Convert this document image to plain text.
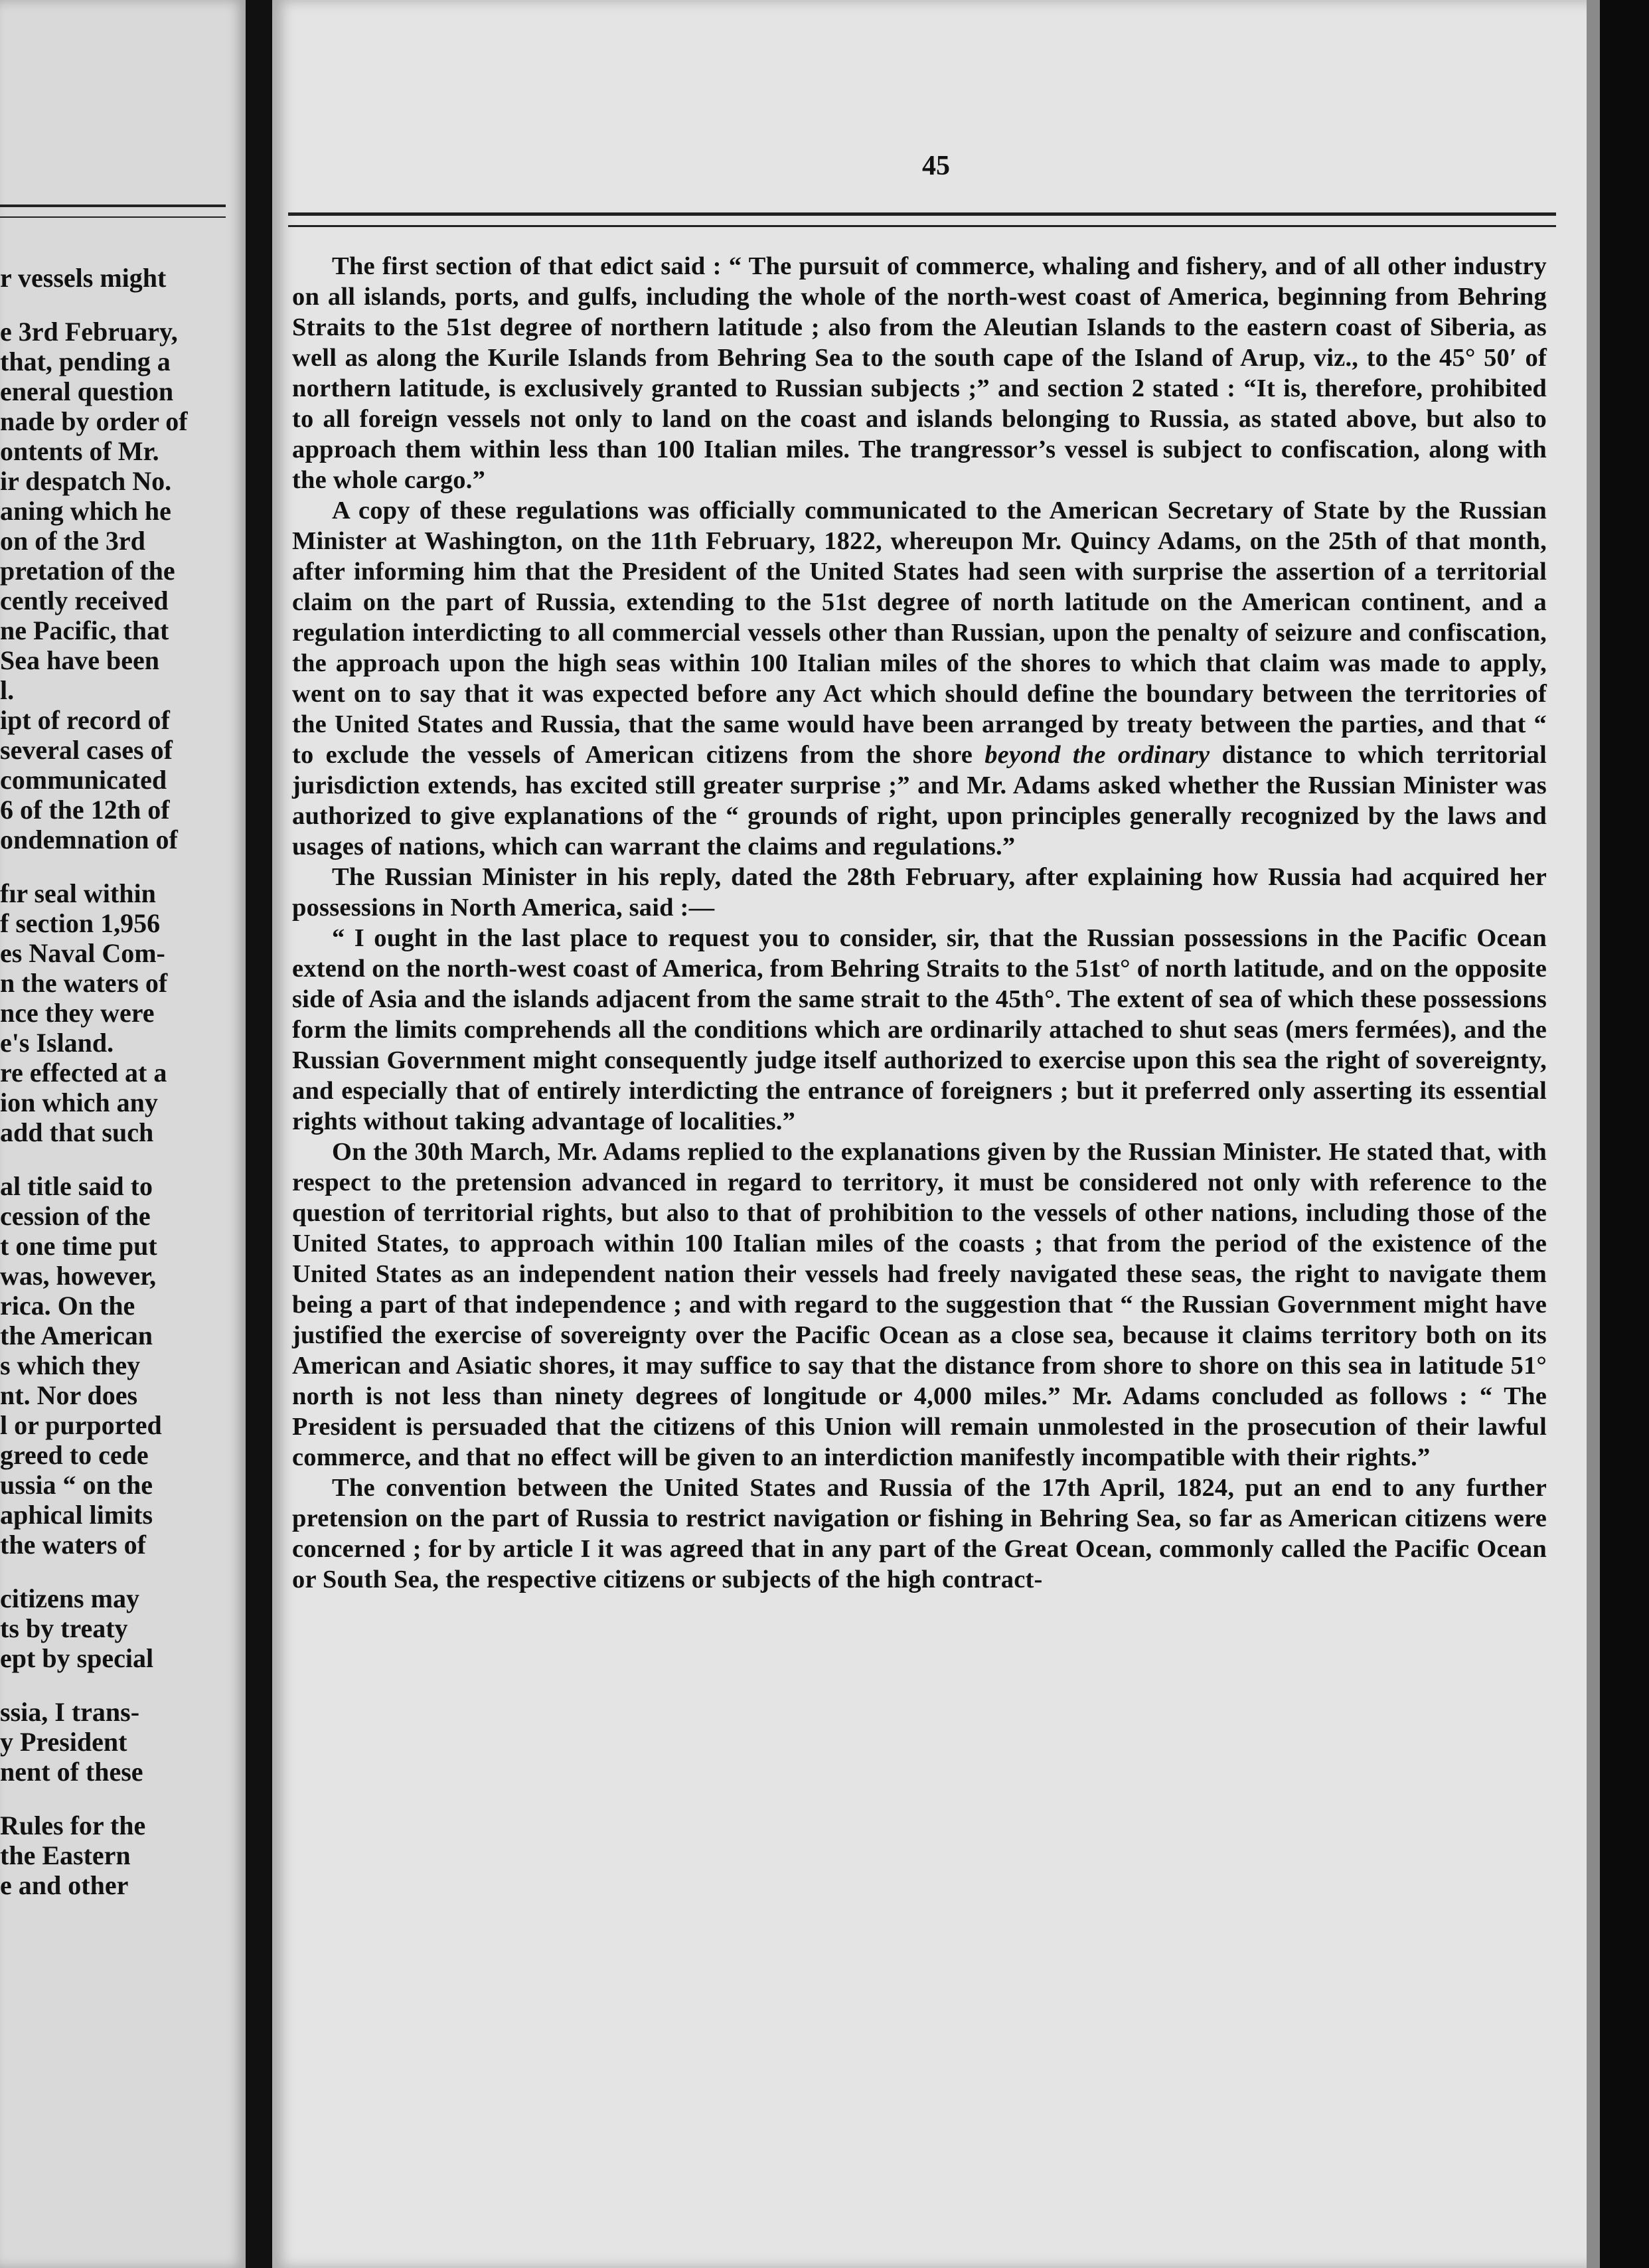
r vessels might
e 3rd February,
that, pending a
eneral question
nade by order of
ontents of Mr.
ir despatch No.
aning which he
on of the 3rd
pretation of the
cently received
ne Pacific, that
Sea have been
l.
ipt of record of
several cases of
communicated
6 of the 12th of
ondemnation of
fır seal within
f section 1,956
es Naval Com-
n the waters of
nce they were
e's Island.
re effected at a
ion which any
add that such
al title said to
cession of the
t one time put
was, however,
rica. On the
the American
s which they
nt. Nor does
l or purported
greed to cede
ussia “ on the
aphical limits
the waters of
citizens may
ts by treaty
ept by special
ssia, I trans-
y President
nent of these
Rules for the
the Eastern
e and other
45

The first section of that edict said : “ The pursuit of commerce, whaling and fishery, and of all other industry on all islands, ports, and gulfs, including the whole of the north-west coast of America, beginning from Behring Straits to the 51st degree of northern latitude ; also from the Aleutian Islands to the eastern coast of Siberia, as well as along the Kurile Islands from Behring Sea to the south cape of the Island of Arup, viz., to the 45° 50′ of northern latitude, is exclusively granted to Russian subjects ;” and section 2 stated : “It is, therefore, prohibited to all foreign vessels not only to land on the coast and islands belonging to Russia, as stated above, but also to approach them within less than 100 Italian miles. The trangressor’s vessel is subject to confiscation, along with the whole cargo.”

A copy of these regulations was officially communicated to the American Secretary of State by the Russian Minister at Washington, on the 11th February, 1822, whereupon Mr. Quincy Adams, on the 25th of that month, after informing him that the President of the United States had seen with surprise the assertion of a territorial claim on the part of Russia, extending to the 51st degree of north latitude on the American continent, and a regulation interdicting to all commercial vessels other than Russian, upon the penalty of seizure and confiscation, the approach upon the high seas within 100 Italian miles of the shores to which that claim was made to apply, went on to say that it was expected before any Act which should define the boundary between the territories of the United States and Russia, that the same would have been arranged by treaty between the parties, and that “ to exclude the vessels of American citizens from the shore beyond the ordinary distance to which territorial jurisdiction extends, has excited still greater surprise ;” and Mr. Adams asked whether the Russian Minister was authorized to give explanations of the “ grounds of right, upon principles generally recognized by the laws and usages of nations, which can warrant the claims and regulations.”

The Russian Minister in his reply, dated the 28th February, after explaining how Russia had acquired her possessions in North America, said :—

“ I ought in the last place to request you to consider, sir, that the Russian possessions in the Pacific Ocean extend on the north-west coast of America, from Behring Straits to the 51st° of north latitude, and on the opposite side of Asia and the islands adjacent from the same strait to the 45th°. The extent of sea of which these possessions form the limits comprehends all the conditions which are ordinarily attached to shut seas (mers fermées), and the Russian Government might consequently judge itself authorized to exercise upon this sea the right of sovereignty, and especially that of entirely interdicting the entrance of foreigners ; but it preferred only asserting its essential rights without taking advantage of localities.”

On the 30th March, Mr. Adams replied to the explanations given by the Russian Minister. He stated that, with respect to the pretension advanced in regard to territory, it must be considered not only with reference to the question of territorial rights, but also to that of prohibition to the vessels of other nations, including those of the United States, to approach within 100 Italian miles of the coasts ; that from the period of the existence of the United States as an independent nation their vessels had freely navigated these seas, the right to navigate them being a part of that independence ; and with regard to the suggestion that “ the Russian Government might have justified the exercise of sovereignty over the Pacific Ocean as a close sea, because it claims territory both on its American and Asiatic shores, it may suffice to say that the distance from shore to shore on this sea in latitude 51° north is not less than ninety degrees of longitude or 4,000 miles.” Mr. Adams concluded as follows : “ The President is persuaded that the citizens of this Union will remain unmolested in the prosecution of their lawful commerce, and that no effect will be given to an interdiction manifestly incompatible with their rights.”

The convention between the United States and Russia of the 17th April, 1824, put an end to any further pretension on the part of Russia to restrict navigation or fishing in Behring Sea, so far as American citizens were concerned ; for by article I it was agreed that in any part of the Great Ocean, commonly called the Pacific Ocean or South Sea, the respective citizens or subjects of the high contract-
